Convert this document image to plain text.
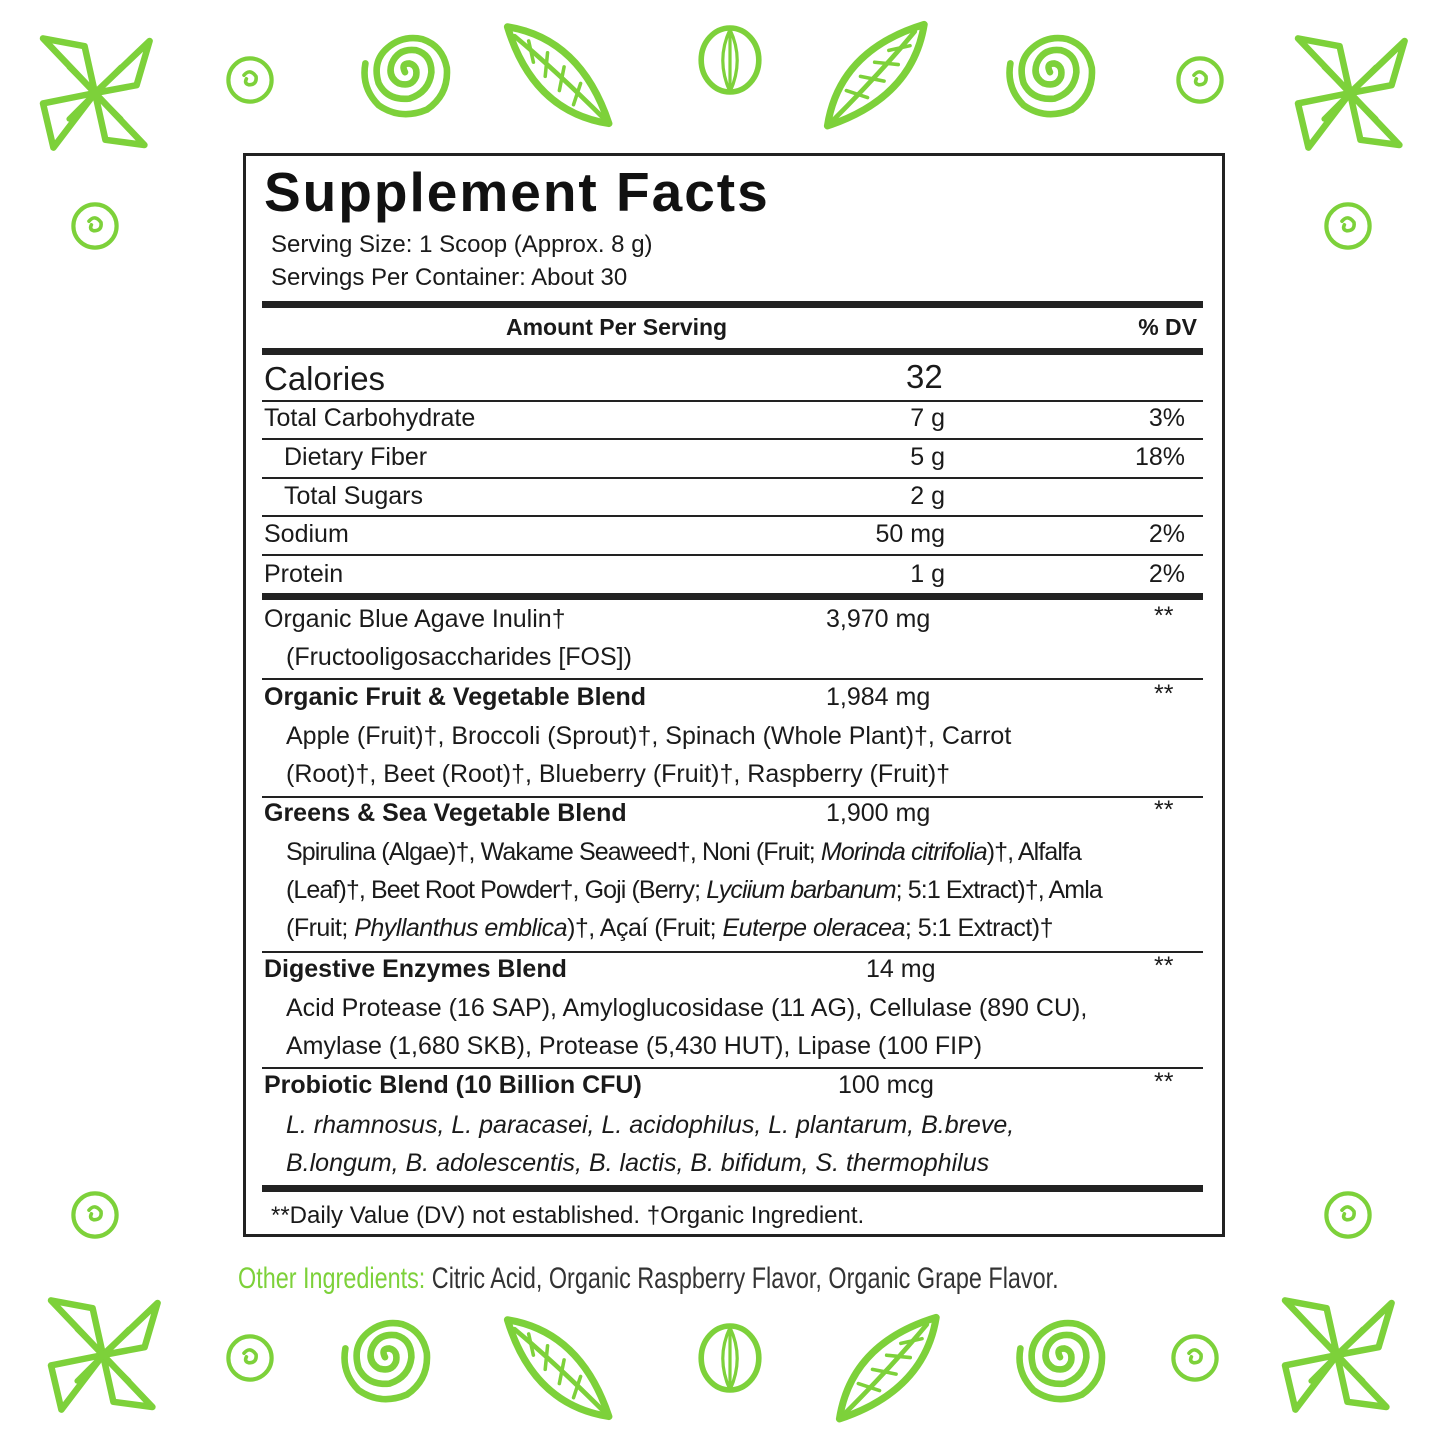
Supplement Facts
Serving Size: 1 Scoop (Approx. 8 g)
Servings Per Container: About 30
Amount Per Serving	% DV
Calories	32
Total Carbohydrate	7 g	3%
Dietary Fiber	5 g	18%
Total Sugars	2 g
Sodium	50 mg	2%
Protein	1 g	2%
Organic Blue Agave Inulin†	3,970 mg	**
(Fructooligosaccharides [FOS])
Organic Fruit & Vegetable Blend	1,984 mg	**
Apple (Fruit)†, Broccoli (Sprout)†, Spinach (Whole Plant)†, Carrot
(Root)†, Beet (Root)†, Blueberry (Fruit)†, Raspberry (Fruit)†
Greens & Sea Vegetable Blend	1,900 mg	**
Spirulina (Algae)†, Wakame Seaweed†, Noni (Fruit; Morinda citrifolia)†, Alfalfa
(Leaf)†, Beet Root Powder†, Goji (Berry; Lyciium barbanum; 5:1 Extract)†, Amla
(Fruit; Phyllanthus emblica)†, Açaí (Fruit; Euterpe oleracea; 5:1 Extract)†
Digestive Enzymes Blend	14 mg	**
Acid Protease (16 SAP), Amyloglucosidase (11 AG), Cellulase (890 CU),
Amylase (1,680 SKB), Protease (5,430 HUT), Lipase (100 FIP)
Probiotic Blend (10 Billion CFU)	100 mcg	**
L. rhamnosus, L. paracasei, L. acidophilus, L. plantarum, B.breve,
B.longum, B. adolescentis, B. lactis, B. bifidum, S. thermophilus
**Daily Value (DV) not established. †Organic Ingredient.
Other Ingredients: Citric Acid, Organic Raspberry Flavor, Organic Grape Flavor.
